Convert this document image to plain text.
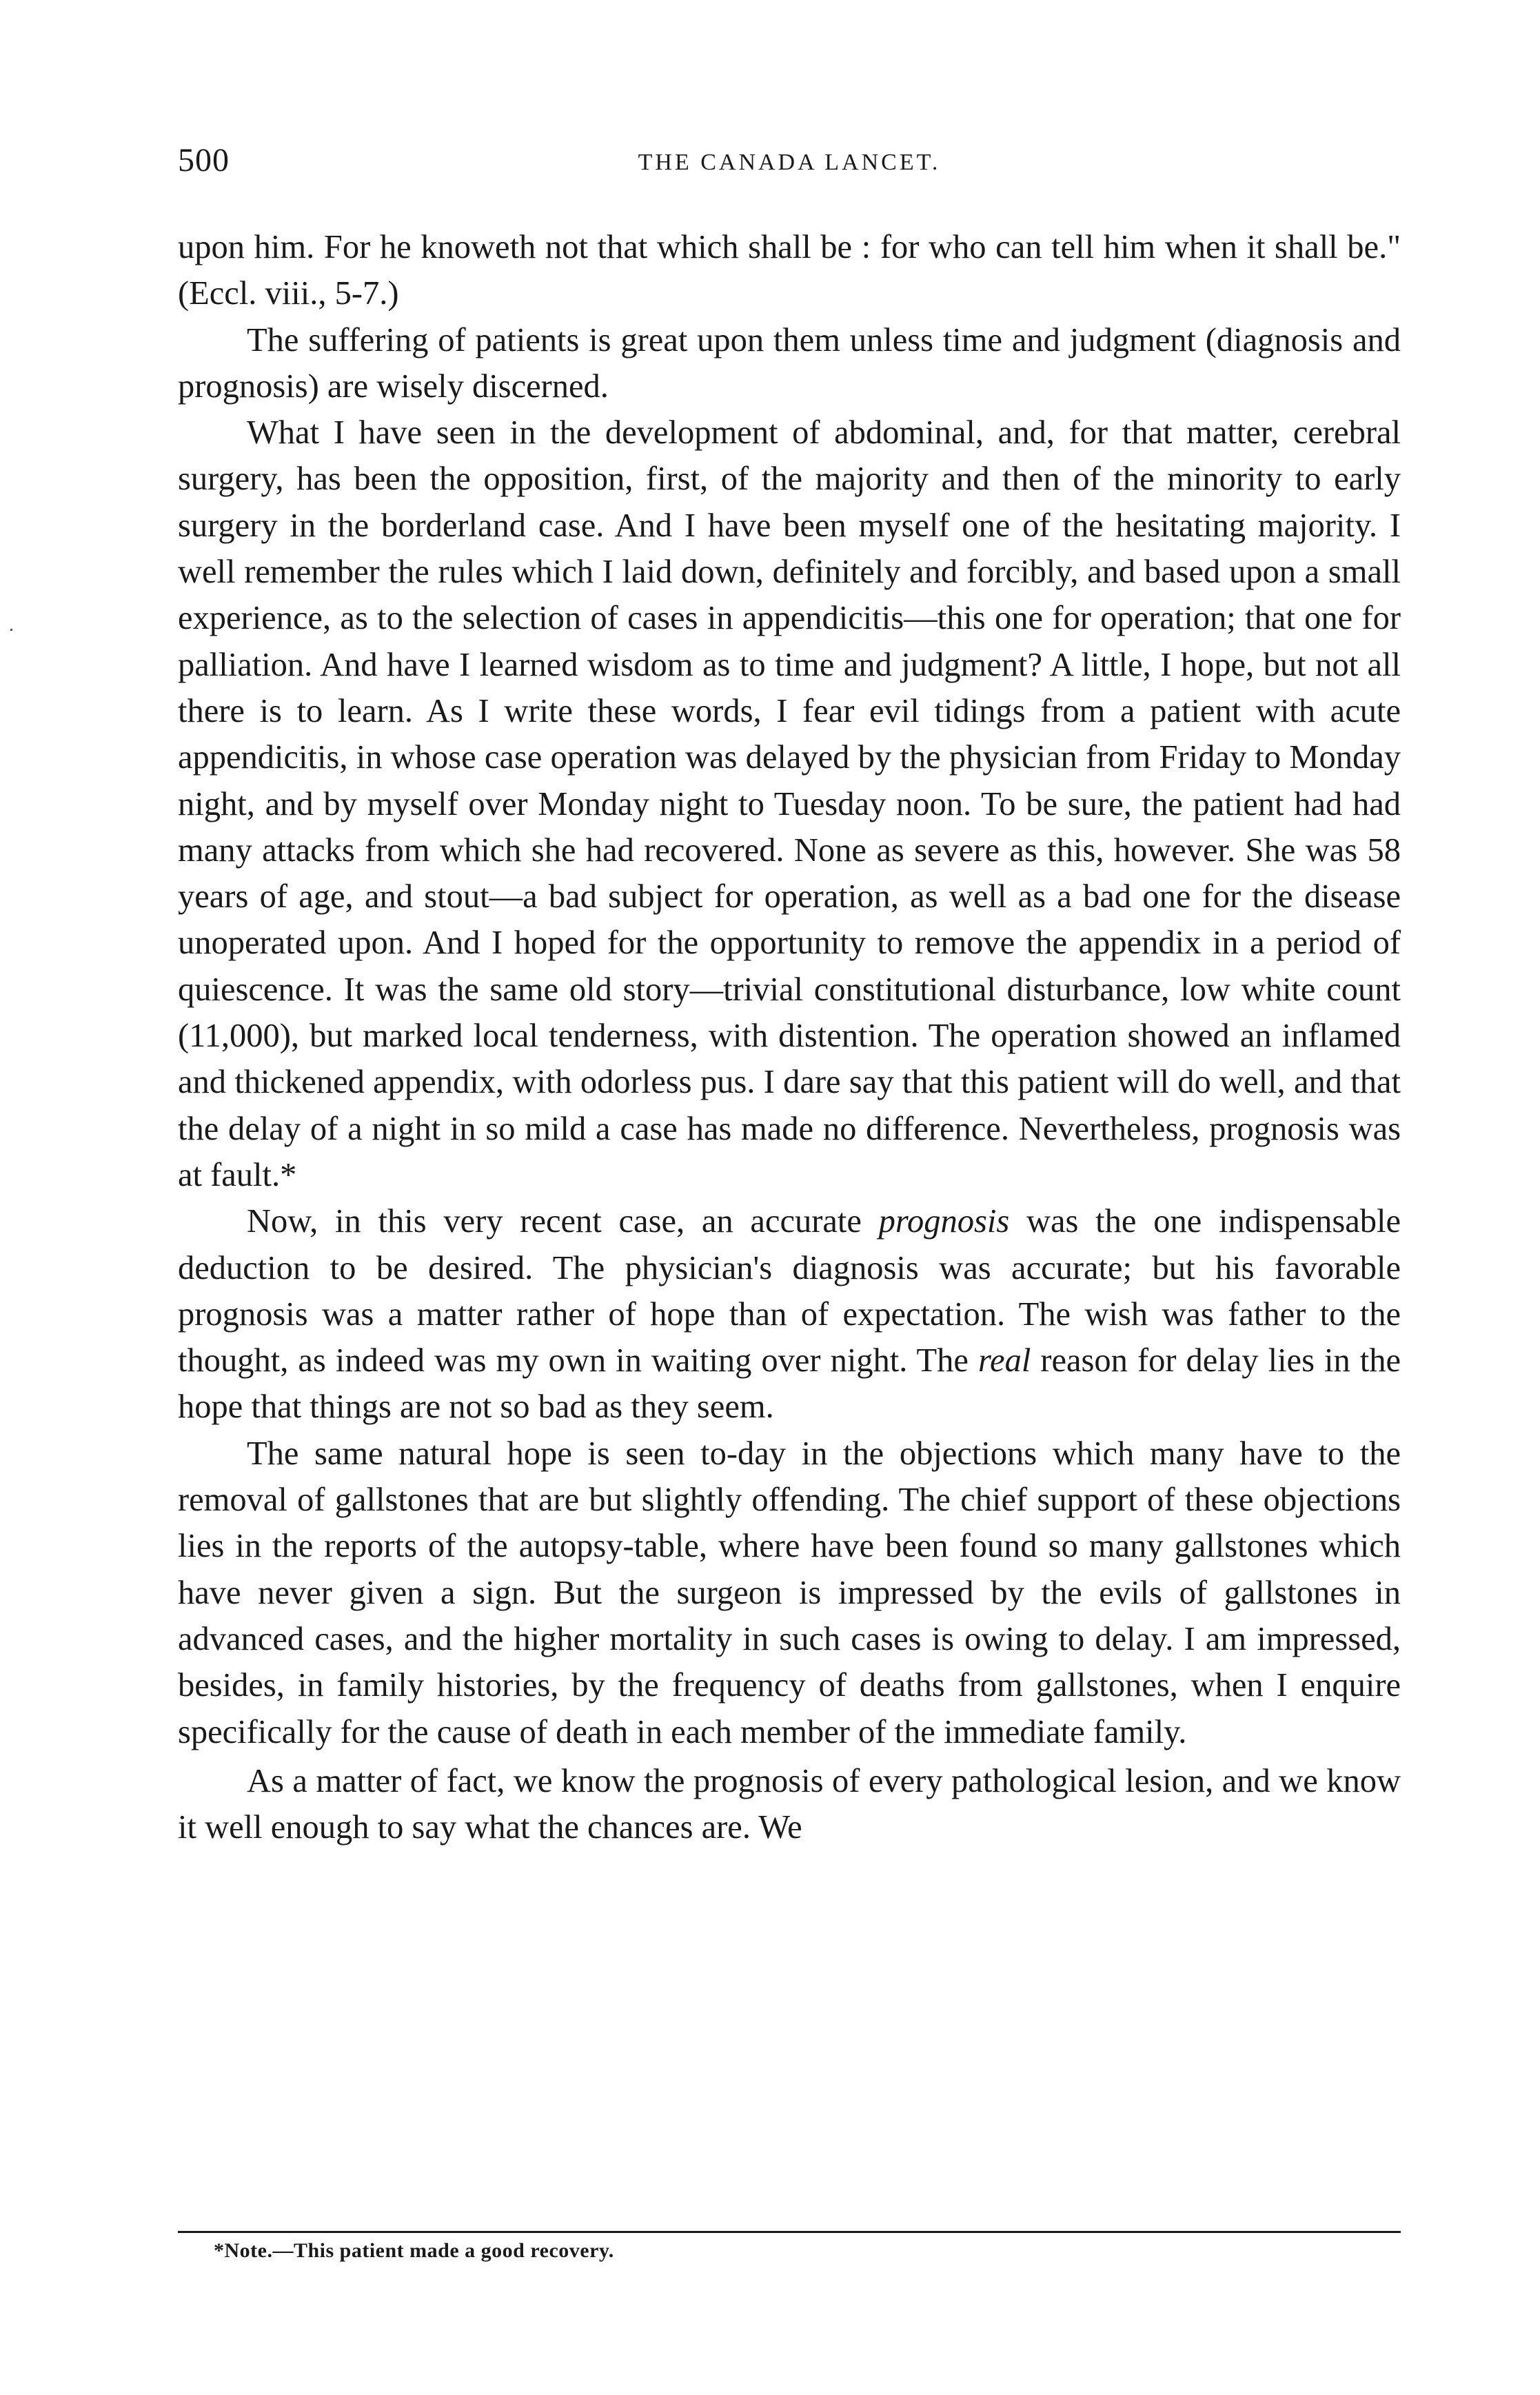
500	THE CANADA LANCET.

upon him. For he knoweth not that which shall be : for who can tell him when it shall be." (Eccl. viii., 5-7.)

The suffering of patients is great upon them unless time and judgment (diagnosis and prognosis) are wisely discerned.

What I have seen in the development of abdominal, and, for that matter, cerebral surgery, has been the opposition, first, of the majority and then of the minority to early surgery in the borderland case. And I have been myself one of the hesitating majority. I well remember the rules which I laid down, definitely and forcibly, and based upon a small experience, as to the selection of cases in appendicitis—this one for operation; that one for palliation. And have I learned wisdom as to time and judgment? A little, I hope, but not all there is to learn. As I write these words, I fear evil tidings from a patient with acute appendicitis, in whose case operation was delayed by the physician from Friday to Monday night, and by myself over Monday night to Tuesday noon. To be sure, the patient had had many attacks from which she had recovered. None as severe as this, however. She was 58 years of age, and stout—a bad subject for operation, as well as a bad one for the disease unoperated upon. And I hoped for the opportunity to remove the appendix in a period of quiescence. It was the same old story—trivial constitutional disturbance, low white count (11,000), but marked local tenderness, with distention. The operation showed an inflamed and thickened appendix, with odorless pus. I dare say that this patient will do well, and that the delay of a night in so mild a case has made no difference. Nevertheless, prognosis was at fault.*

Now, in this very recent case, an accurate prognosis was the one indispensable deduction to be desired. The physician's diagnosis was accurate; but his favorable prognosis was a matter rather of hope than of expectation. The wish was father to the thought, as indeed was my own in waiting over night. The real reason for delay lies in the hope that things are not so bad as they seem.

The same natural hope is seen to-day in the objections which many have to the removal of gallstones that are but slightly offending. The chief support of these objections lies in the reports of the autopsy-table, where have been found so many gallstones which have never given a sign. But the surgeon is impressed by the evils of gallstones in advanced cases, and the higher mortality in such cases is owing to delay. I am impressed, besides, in family histories, by the frequency of deaths from gallstones, when I enquire specifically for the cause of death in each member of the immediate family.

As a matter of fact, we know the prognosis of every pathological lesion, and we know it well enough to say what the chances are. We

*Note.—This patient made a good recovery.
